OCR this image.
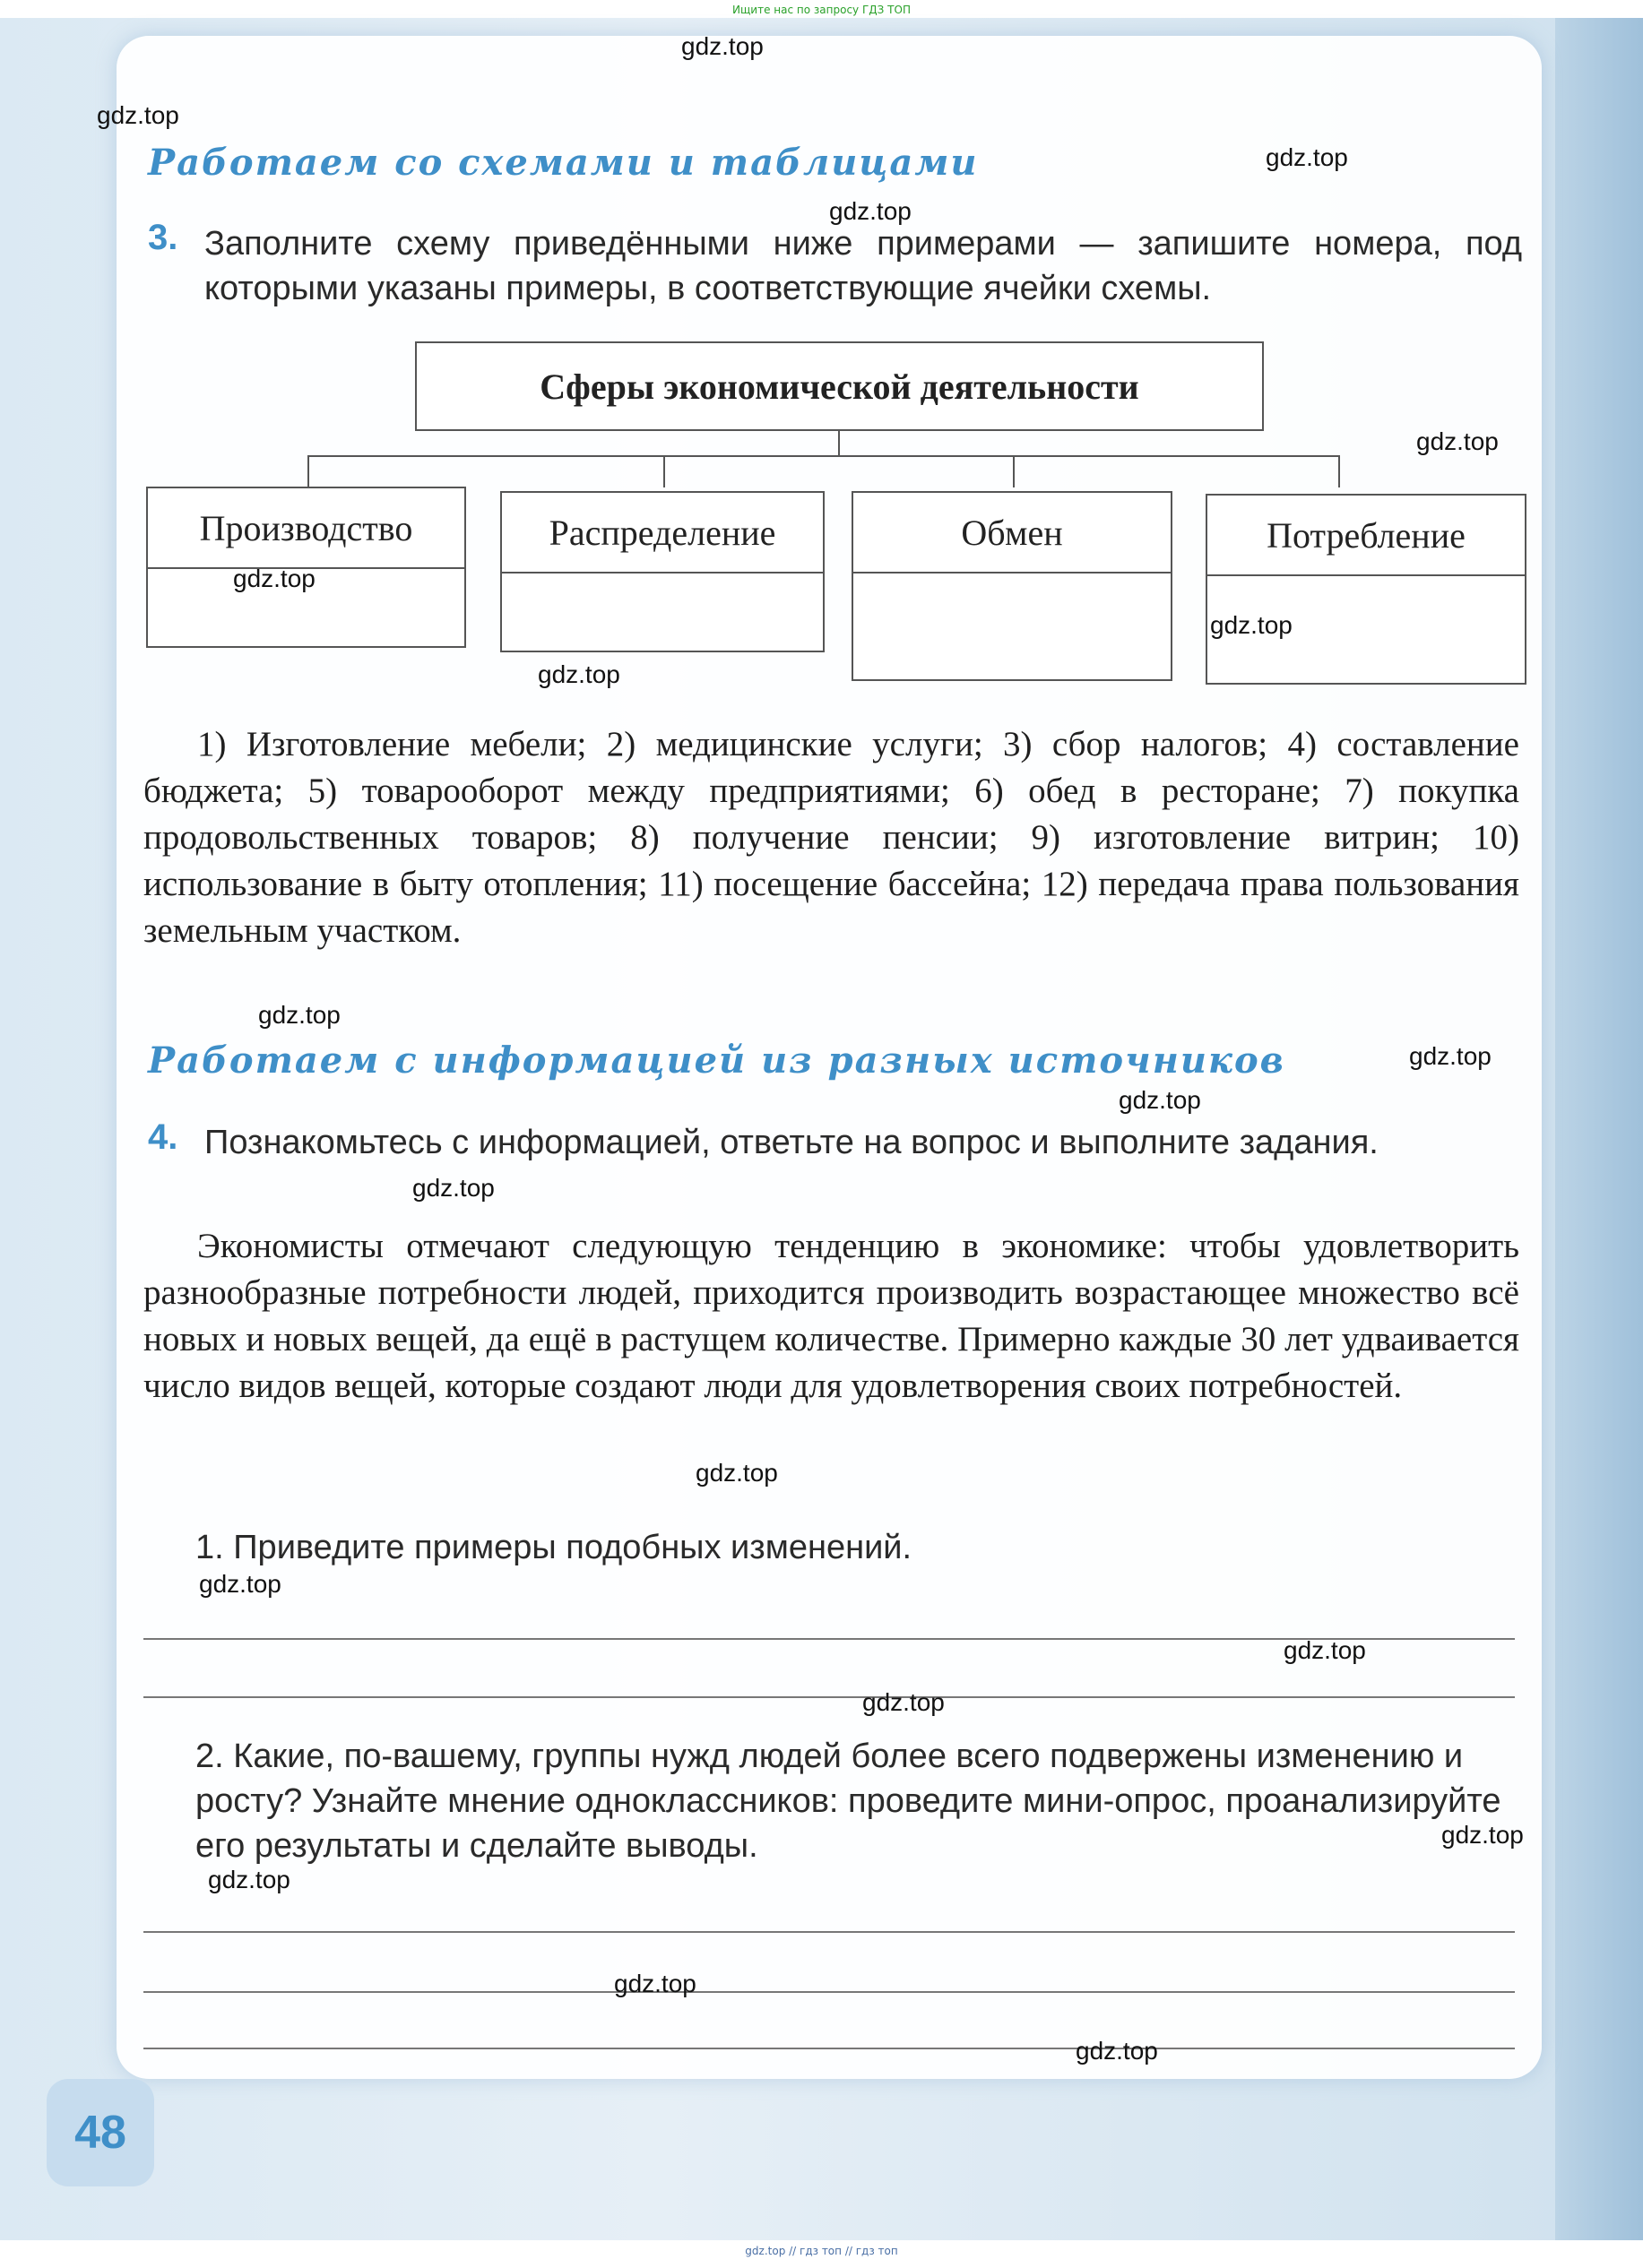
Ищите нас по запросу ГДЗ ТОП
Работаем со схемами и таблицами
3. Заполните схему приведёнными ниже примерами — запишите номера, под которыми указаны примеры, в соответствующие ячейки схемы.
Сферы экономической деятельности
Производство	Распределение	Обмен	Потребление
1) Изготовление мебели; 2) медицинские услуги; 3) сбор налогов; 4) составление бюджета; 5) товарооборот между предприятиями; 6) обед в ресторане; 7) покупка продовольственных товаров; 8) получение пенсии; 9) изготовление витрин; 10) использование в быту отопления; 11) посещение бассейна; 12) передача права пользования земельным участком.
Работаем с информацией из разных источников
4. Познакомьтесь с информацией, ответьте на вопрос и выполните задания.
Экономисты отмечают следующую тенденцию в экономике: чтобы удовлетворить разнообразные потребности людей, приходится производить возрастающее множество всё новых и новых вещей, да ещё в растущем количестве. Примерно каждые 30 лет удваивается число видов вещей, которые создают люди для удовлетворения своих потребностей.
1. Приведите примеры подобных изменений.
2. Какие, по-вашему, группы нужд людей более всего подвержены изменению и росту? Узнайте мнение одноклассников: проведите мини-опрос, проанализируйте его результаты и сделайте выводы.
48
gdz.top
gdz.top
gdz.top
gdz.top
gdz.top
gdz.top
gdz.top
gdz.top
gdz.top
gdz.top
gdz.top
gdz.top
gdz.top
gdz.top
gdz.top
gdz.top
gdz.top
gdz.top
gdz.top
gdz.top
gdz.top // гдз топ // гдз топ
